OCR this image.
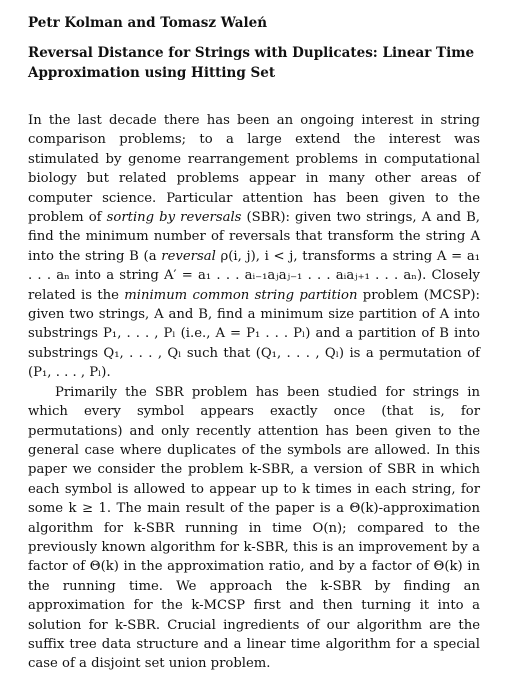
Petr Kolman and Tomasz Waleń
Reversal Distance for Strings with Duplicates: Linear Time Approximation using Hitting Set

In the last decade there has been an ongoing interest in string comparison problems; to a large extend the interest was stimulated by genome rearrangement problems in computational biology but related problems appear in many other areas of computer science. Particular attention has been given to the problem of sorting by reversals (SBR): given two strings, A and B, find the minimum number of reversals that transform the string A into the string B (a reversal ρ(i, j), i < j, transforms a string A = a₁ . . . aₙ into a string A′ = a₁ . . . aᵢ₋₁aⱼaⱼ₋₁ . . . aᵢaⱼ₊₁ . . . aₙ). Closely related is the minimum common string partition problem (MCSP): given two strings, A and B, find a minimum size partition of A into substrings P₁, . . . , Pₗ (i.e., A = P₁ . . . Pₗ) and a partition of B into substrings Q₁, . . . , Qₗ such that (Q₁, . . . , Qₗ) is a permutation of (P₁, . . . , Pₗ).

Primarily the SBR problem has been studied for strings in which every symbol appears exactly once (that is, for permutations) and only recently attention has been given to the general case where duplicates of the symbols are allowed. In this paper we consider the problem k-SBR, a version of SBR in which each symbol is allowed to appear up to k times in each string, for some k ≥ 1. The main result of the paper is a Θ(k)-approximation algorithm for k-SBR running in time O(n); compared to the previously known algorithm for k-SBR, this is an improvement by a factor of Θ(k) in the approximation ratio, and by a factor of Θ(k) in the running time. We approach the k-SBR by finding an approximation for the k-MCSP first and then turning it into a solution for k-SBR. Crucial ingredients of our algorithm are the suffix tree data structure and a linear time algorithm for a special case of a disjoint set union problem.
